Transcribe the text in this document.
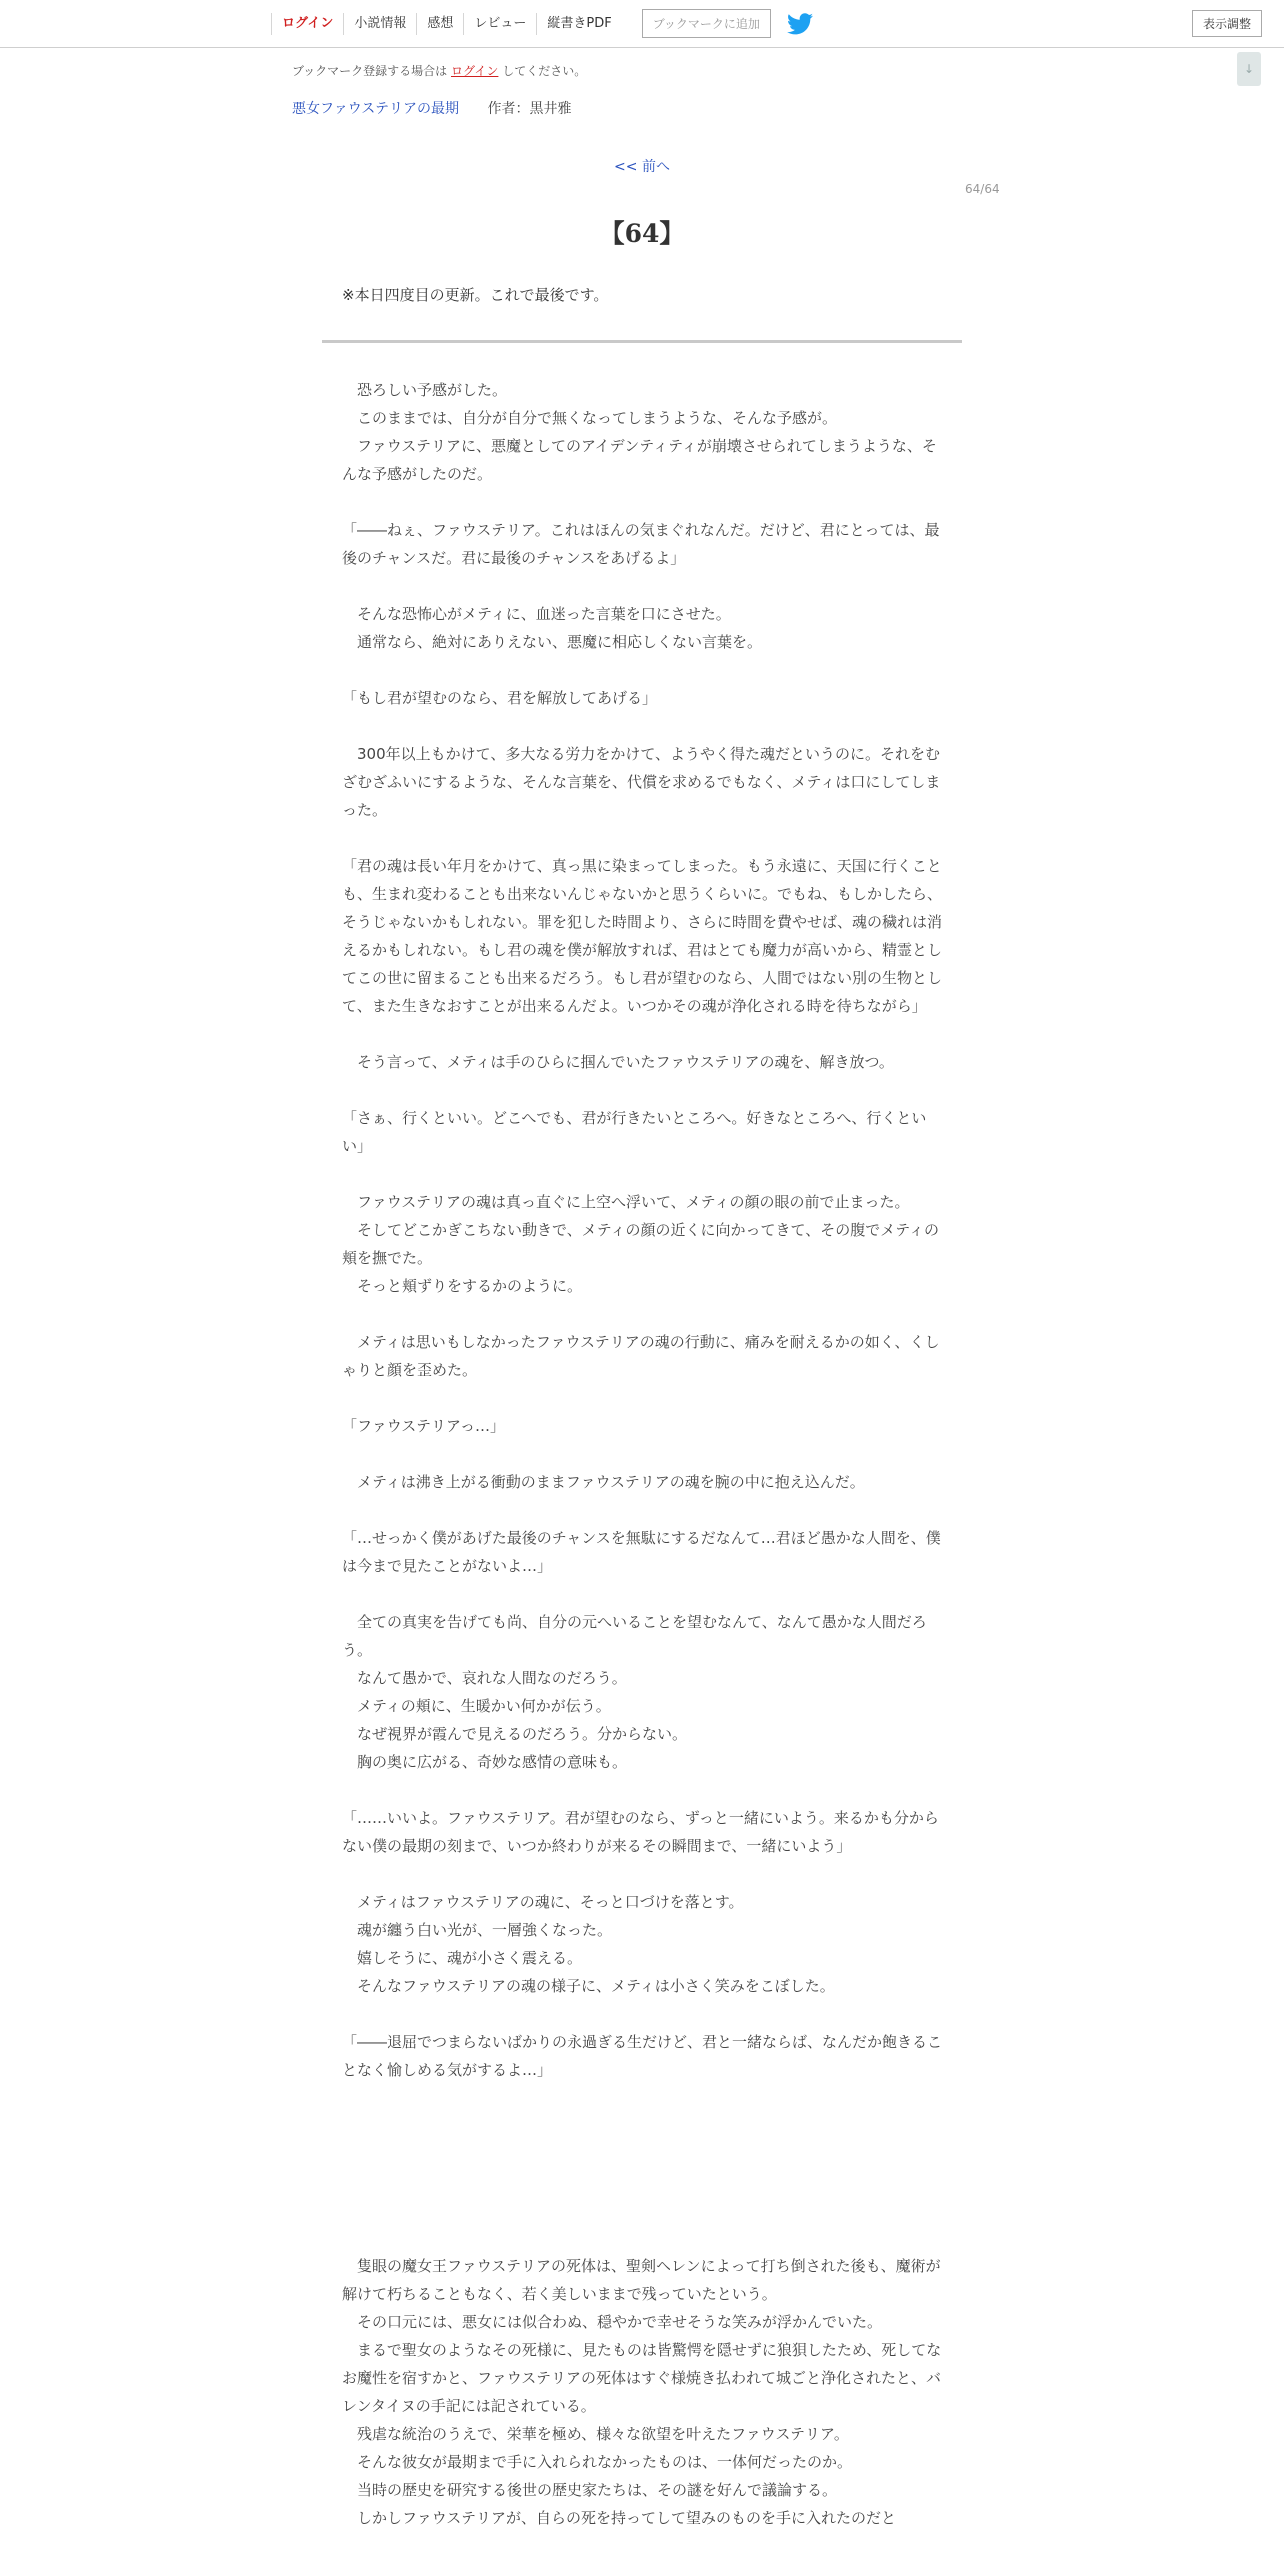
ログイン	小説情報	感想	レビュー	縦書きPDF	ブックマークに追加	表示調整
↓
ブックマーク登録する場合は ログイン してください。
悪女ファウステリアの最期 作者：黒井雅
<< 前へ
64/64
【64】
※本日四度目の更新。これで最後です。

　恐ろしい予感がした。

　このままでは、自分が自分で無くなってしまうような、そんな予感が。

　ファウステリアに、悪魔としてのアイデンティティが崩壊させられてしまうような、そんな予感がしたのだ。

「――ねぇ、ファウステリア。これはほんの気まぐれなんだ。だけど、君にとっては、最後のチャンスだ。君に最後のチャンスをあげるよ」

　そんな恐怖心がメティに、血迷った言葉を口にさせた。

　通常なら、絶対にありえない、悪魔に相応しくない言葉を。

「もし君が望むのなら、君を解放してあげる」

　300年以上もかけて、多大なる労力をかけて、ようやく得た魂だというのに。それをむざむざふいにするような、そんな言葉を、代償を求めるでもなく、メティは口にしてしまった。

「君の魂は長い年月をかけて、真っ黒に染まってしまった。もう永遠に、天国に行くことも、生まれ変わることも出来ないんじゃないかと思うくらいに。でもね、もしかしたら、そうじゃないかもしれない。罪を犯した時間より、さらに時間を費やせば、魂の穢れは消えるかもしれない。もし君の魂を僕が解放すれば、君はとても魔力が高いから、精霊としてこの世に留まることも出来るだろう。もし君が望むのなら、人間ではない別の生物として、また生きなおすことが出来るんだよ。いつかその魂が浄化される時を待ちながら」

　そう言って、メティは手のひらに掴んでいたファウステリアの魂を、解き放つ。

「さぁ、行くといい。どこへでも、君が行きたいところへ。好きなところへ、行くといい」

　ファウステリアの魂は真っ直ぐに上空へ浮いて、メティの顔の眼の前で止まった。

　そしてどこかぎこちない動きで、メティの顔の近くに向かってきて、その腹でメティの頬を撫でた。

　そっと頬ずりをするかのように。

　メティは思いもしなかったファウステリアの魂の行動に、痛みを耐えるかの如く、くしゃりと顔を歪めた。

「ファウステリアっ…」

　メティは沸き上がる衝動のままファウステリアの魂を腕の中に抱え込んだ。

「…せっかく僕があげた最後のチャンスを無駄にするだなんて…君ほど愚かな人間を、僕は今まで見たことがないよ…」

　全ての真実を告げても尚、自分の元へいることを望むなんて、なんて愚かな人間だろう。

　なんて愚かで、哀れな人間なのだろう。

　メティの頬に、生暖かい何かが伝う。

　なぜ視界が霞んで見えるのだろう。分からない。

　胸の奥に広がる、奇妙な感情の意味も。

「……いいよ。ファウステリア。君が望むのなら、ずっと一緒にいよう。来るかも分からない僕の最期の刻まで、いつか終わりが来るその瞬間まで、一緒にいよう」

　メティはファウステリアの魂に、そっと口づけを落とす。

　魂が纏う白い光が、一層強くなった。

　嬉しそうに、魂が小さく震える。

　そんなファウステリアの魂の様子に、メティは小さく笑みをこぼした。

「――退屈でつまらないばかりの永過ぎる生だけど、君と一緒ならば、なんだか飽きることなく愉しめる気がするよ…」

　隻眼の魔女王ファウステリアの死体は、聖剣ヘレンによって打ち倒された後も、魔術が解けて朽ちることもなく、若く美しいままで残っていたという。

　その口元には、悪女には似合わぬ、穏やかで幸せそうな笑みが浮かんでいた。

　まるで聖女のようなその死様に、見たものは皆驚愕を隠せずに狼狽したため、死してなお魔性を宿すかと、ファウステリアの死体はすぐ様焼き払われて城ごと浄化されたと、バレンタイヌの手記には記されている。

　残虐な統治のうえで、栄華を極め、様々な欲望を叶えたファウステリア。

　そんな彼女が最期まで手に入れられなかったものは、一体何だったのか。

　当時の歴史を研究する後世の歴史家たちは、その謎を好んで議論する。

　しかしファウステリアが、自らの死を持ってして望みのものを手に入れたのだと
